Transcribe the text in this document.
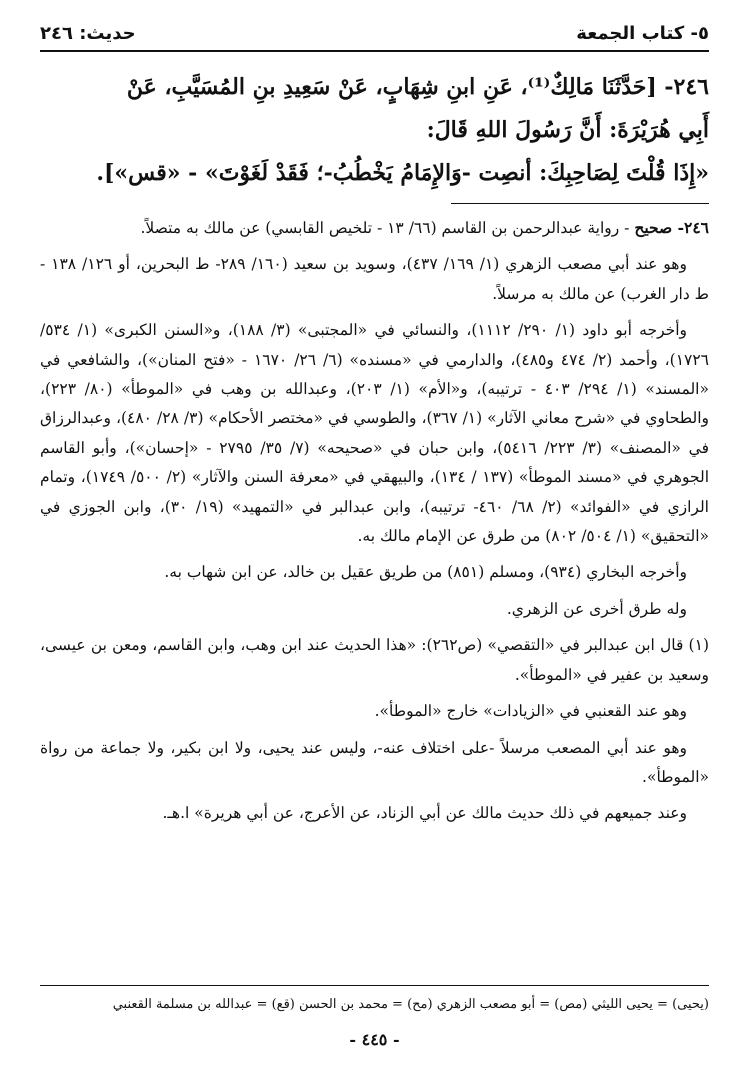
٥- كتاب الجمعة
حديث: ٢٤٦

٢٤٦- [حَدَّثَنَا مَالِكٌ⁽¹⁾، عَنِ ابنِ شِهَابٍ، عَنْ سَعِيدِ بنِ المُسَيَّبِ، عَنْ

أَبِي هُرَيْرَةَ: أَنَّ رَسُولَ اللهِ قَالَ:

«إِذَا قُلْتَ لِصَاحِبِكَ: أنصِت -وَالإِمَامُ يَخْطُبُ-؛ فَقَدْ لَغَوْتَ» - «قس»].

٢٤٦- صحيح - رواية عبدالرحمن بن القاسم (٦٦/ ١٣ - تلخيص القابسي) عن مالك به متصلاً.

وهو عند أبي مصعب الزهري (١/ ١٦٩/ ٤٣٧)، وسويد بن سعيد (١٦٠/ ٢٨٩- ط البحرين، أو ١٢٦/ ١٣٨ - ط دار الغرب) عن مالك به مرسلاً.

وأخرجه أبو داود (١/ ٢٩٠/ ١١١٢)، والنسائي في «المجتبى» (٣/ ١٨٨)، و«السنن الكبرى» (١/ ٥٣٤/ ١٧٢٦)، وأحمد (٢/ ٤٧٤ و٤٨٥)، والدارمي في «مسنده» (٦/ ٢٦/ ١٦٧٠ - «فتح المنان»)، والشافعي في «المسند» (١/ ٢٩٤/ ٤٠٣ - ترتيبه)، و«الأم» (١/ ٢٠٣)، وعبدالله بن وهب في «الموطأ» (٨٠/ ٢٢٣)، والطحاوي في «شرح معاني الآثار» (١/ ٣٦٧)، والطوسي في «مختصر الأحكام» (٣/ ٢٨/ ٤٨٠)، وعبدالرزاق في «المصنف» (٣/ ٢٢٣/ ٥٤١٦)، وابن حبان في «صحيحه» (٧/ ٣٥/ ٢٧٩٥ - «إحسان»)، وأبو القاسم الجوهري في «مسند الموطأ» (١٣٧ / ١٣٤)، والبيهقي في «معرفة السنن والآثار» (٢/ ٥٠٠/ ١٧٤٩)، وتمام الرازي في «الفوائد» (٢/ ٦٨/ ٤٦٠- ترتيبه)، وابن عبدالبر في «التمهيد» (١٩/ ٣٠)، وابن الجوزي في «التحقيق» (١/ ٥٠٤/ ٨٠٢) من طرق عن الإمام مالك به.

وأخرجه البخاري (٩٣٤)، ومسلم (٨٥١) من طريق عقيل بن خالد، عن ابن شهاب به.

وله طرق أخرى عن الزهري.

(١) قال ابن عبدالبر في «التقصي» (ص٢٦٢): «هذا الحديث عند ابن وهب، وابن القاسم، ومعن بن عيسى، وسعيد بن عفير في «الموطأ».

وهو عند القعنبي في «الزيادات» خارج «الموطأ».

وهو عند أبي المصعب مرسلاً -على اختلاف عنه-، وليس عند يحيى، ولا ابن بكير، ولا جماعة من رواة «الموطأ».

وعند جميعهم في ذلك حديث مالك عن أبي الزناد، عن الأعرج، عن أبي هريرة» ا.هـ.

(يحيى) = يحيى الليثي (مص) = أبو مصعب الزهري (مح) = محمد بن الحسن (قع) = عبدالله بن مسلمة القعنبي
- ٤٤٥ -
